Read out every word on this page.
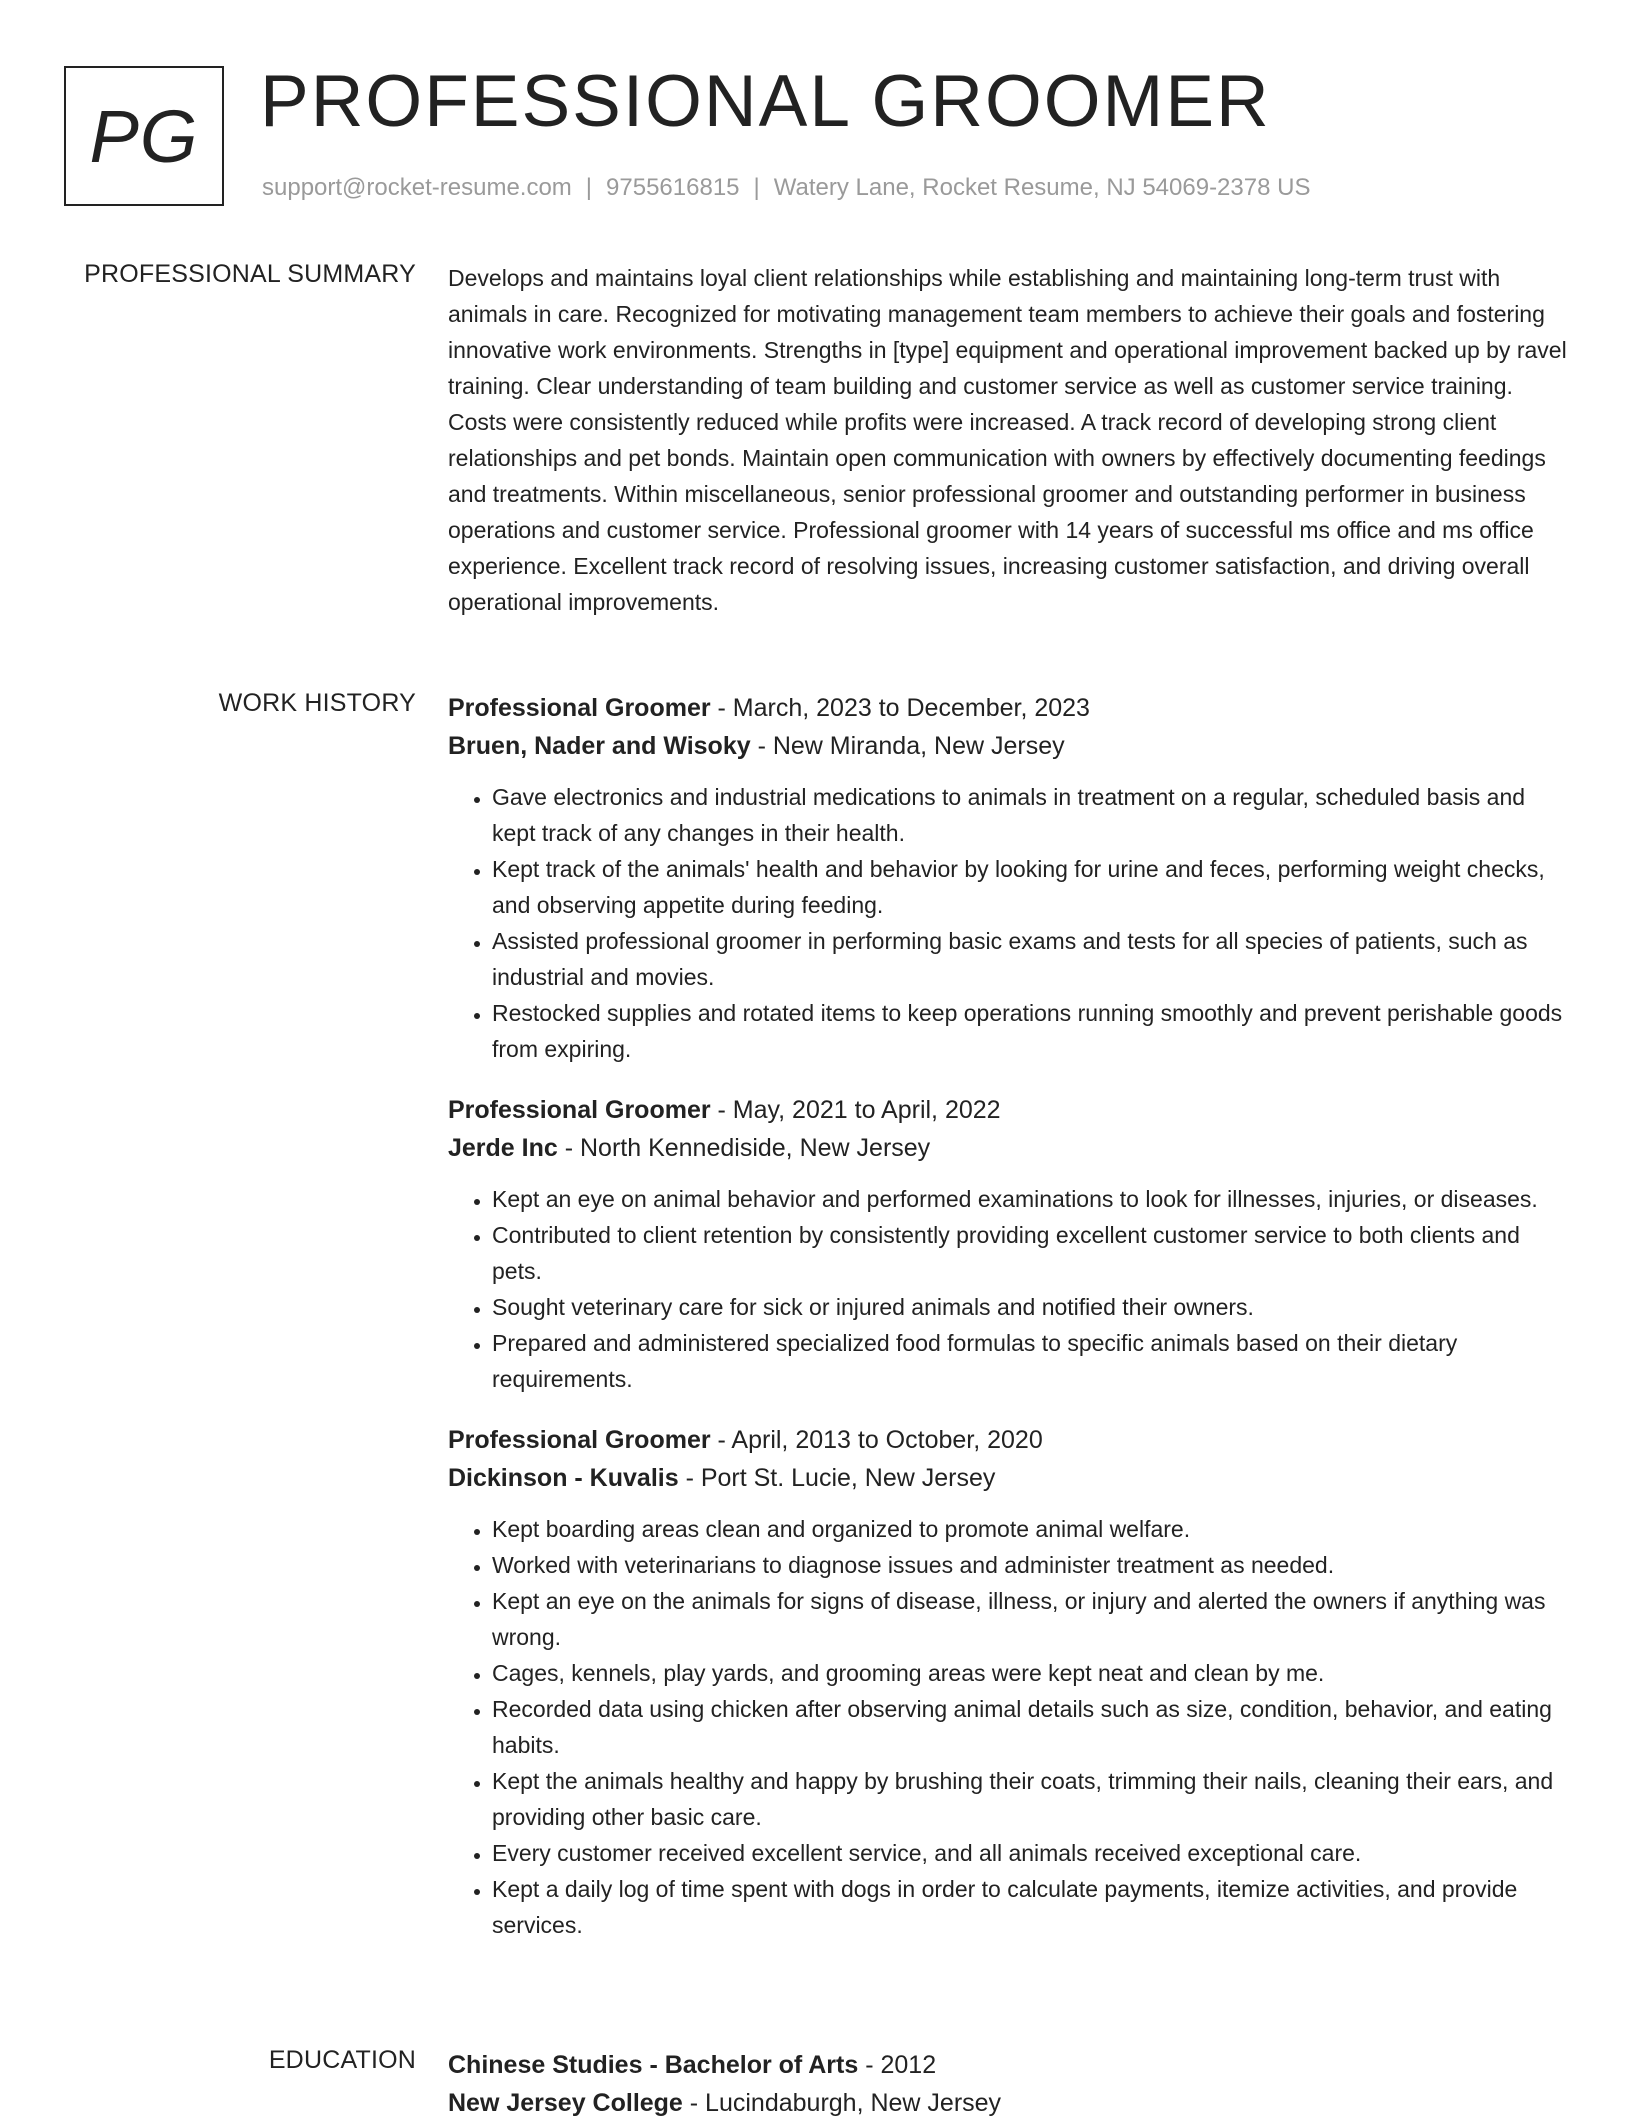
PG PROFESSIONAL GROOMER
support@rocket-resume.com | 9755616815 | Watery Lane, Rocket Resume, NJ 54069-2378 US
PROFESSIONAL SUMMARY Develops and maintains loyal client relationships while establishing and maintaining long-term trust with animals in care. Recognized for motivating management team members to achieve their goals and fostering innovative work environments. Strengths in [type] equipment and operational improvement backed up by ravel training. Clear understanding of team building and customer service as well as customer service training. Costs were consistently reduced while profits were increased. A track record of developing strong client relationships and pet bonds. Maintain open communication with owners by effectively documenting feedings and treatments. Within miscellaneous, senior professional groomer and outstanding performer in business operations and customer service. Professional groomer with 14 years of successful ms office and ms office experience. Excellent track record of resolving issues, increasing customer satisfaction, and driving overall operational improvements.

WORK HISTORY Professional Groomer - March, 2023 to December, 2023
Bruen, Nader and Wisoky - New Miranda, New Jersey
• Gave electronics and industrial medications to animals in treatment on a regular, scheduled basis and kept track of any changes in their health.
• Kept track of the animals' health and behavior by looking for urine and feces, performing weight checks, and observing appetite during feeding.
• Assisted professional groomer in performing basic exams and tests for all species of patients, such as industrial and movies.
• Restocked supplies and rotated items to keep operations running smoothly and prevent perishable goods from expiring.
Professional Groomer - May, 2021 to April, 2022
Jerde Inc - North Kennediside, New Jersey
• Kept an eye on animal behavior and performed examinations to look for illnesses, injuries, or diseases.
• Contributed to client retention by consistently providing excellent customer service to both clients and pets.
• Sought veterinary care for sick or injured animals and notified their owners.
• Prepared and administered specialized food formulas to specific animals based on their dietary requirements.
Professional Groomer - April, 2013 to October, 2020
Dickinson - Kuvalis - Port St. Lucie, New Jersey
• Kept boarding areas clean and organized to promote animal welfare.
• Worked with veterinarians to diagnose issues and administer treatment as needed.
• Kept an eye on the animals for signs of disease, illness, or injury and alerted the owners if anything was wrong.
• Cages, kennels, play yards, and grooming areas were kept neat and clean by me.
• Recorded data using chicken after observing animal details such as size, condition, behavior, and eating habits.
• Kept the animals healthy and happy by brushing their coats, trimming their nails, cleaning their ears, and providing other basic care.
• Every customer received excellent service, and all animals received exceptional care.
• Kept a daily log of time spent with dogs in order to calculate payments, itemize activities, and provide services.
EDUCATION Chinese Studies - Bachelor of Arts - 2012
New Jersey College - Lucindaburgh, New Jersey
